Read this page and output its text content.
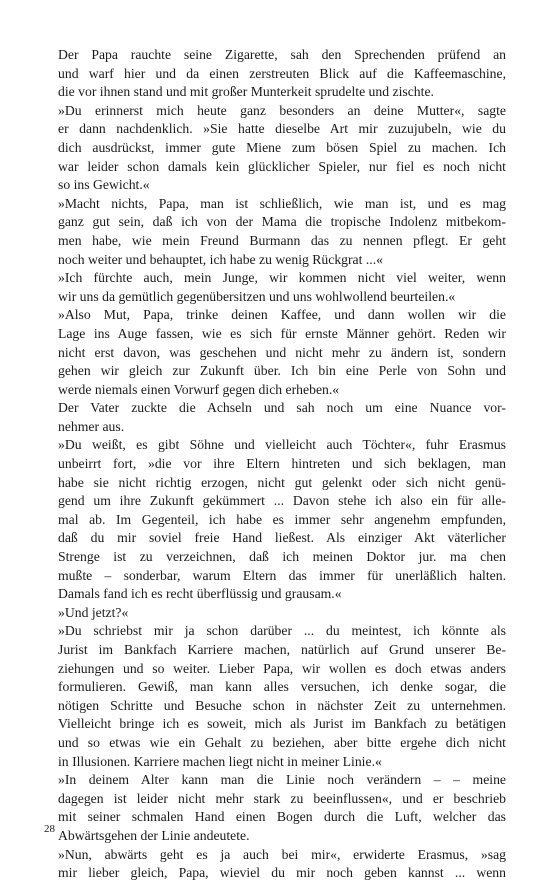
Der Papa rauchte seine Zigarette, sah den Sprechenden prüfend an
und warf hier und da einen zerstreuten Blick auf die Kaffeemaschine,
die vor ihnen stand und mit großer Munterkeit sprudelte und zischte.

»Du erinnerst mich heute ganz besonders an deine Mutter«, sagte
er dann nachdenklich. »Sie hatte dieselbe Art mir zuzujubeln, wie du
dich ausdrückst, immer gute Miene zum bösen Spiel zu machen. Ich
war leider schon damals kein glücklicher Spieler, nur fiel es noch nicht
so ins Gewicht.«

»Macht nichts, Papa, man ist schließlich, wie man ist, und es mag
ganz gut sein, daß ich von der Mama die tropische Indolenz mitbekom-
men habe, wie mein Freund Burmann das zu nennen pflegt. Er geht
noch weiter und behauptet, ich habe zu wenig Rückgrat ...«

»Ich fürchte auch, mein Junge, wir kommen nicht viel weiter, wenn
wir uns da gemütlich gegenübersitzen und uns wohlwollend beurteilen.«

»Also Mut, Papa, trinke deinen Kaffee, und dann wollen wir die
Lage ins Auge fassen, wie es sich für ernste Männer gehört. Reden wir
nicht erst davon, was geschehen und nicht mehr zu ändern ist, sondern
gehen wir gleich zur Zukunft über. Ich bin eine Perle von Sohn und
werde niemals einen Vorwurf gegen dich erheben.«

Der Vater zuckte die Achseln und sah noch um eine Nuance vor-
nehmer aus.

»Du weißt, es gibt Söhne und vielleicht auch Töchter«, fuhr Erasmus
unbeirrt fort, »die vor ihre Eltern hintreten und sich beklagen, man
habe sie nicht richtig erzogen, nicht gut gelenkt oder sich nicht genü-
gend um ihre Zukunft gekümmert ... Davon stehe ich also ein für alle-
mal ab. Im Gegenteil, ich habe es immer sehr angenehm empfunden,
daß du mir soviel freie Hand ließest. Als einziger Akt väterlicher
Strenge ist zu verzeichnen, daß ich meinen Doktor jur. ma chen
mußte – sonderbar, warum Eltern das immer für unerläßlich halten.
Damals fand ich es recht überflüssig und grausam.«

»Und jetzt?«

»Du schriebst mir ja schon darüber ... du meintest, ich könnte als
Jurist im Bankfach Karriere machen, natürlich auf Grund unserer Be-
ziehungen und so weiter. Lieber Papa, wir wollen es doch etwas anders
formulieren. Gewiß, man kann alles versuchen, ich denke sogar, die
nötigen Schritte und Besuche schon in nächster Zeit zu unternehmen.
Vielleicht bringe ich es soweit, mich als Jurist im Bankfach zu betätigen
und so etwas wie ein Gehalt zu beziehen, aber bitte ergehe dich nicht
in Illusionen. Karriere machen liegt nicht in meiner Linie.«

»In deinem Alter kann man die Linie noch verändern – – meine
dagegen ist leider nicht mehr stark zu beeinflussen«, und er beschrieb
mit seiner schmalen Hand einen Bogen durch die Luft, welcher das
Abwärtsgehen der Linie andeutete.

»Nun, abwärts geht es ja auch bei mir«, erwiderte Erasmus, »sag
mir lieber gleich, Papa, wieviel du mir noch geben kannst ... wenn

28
